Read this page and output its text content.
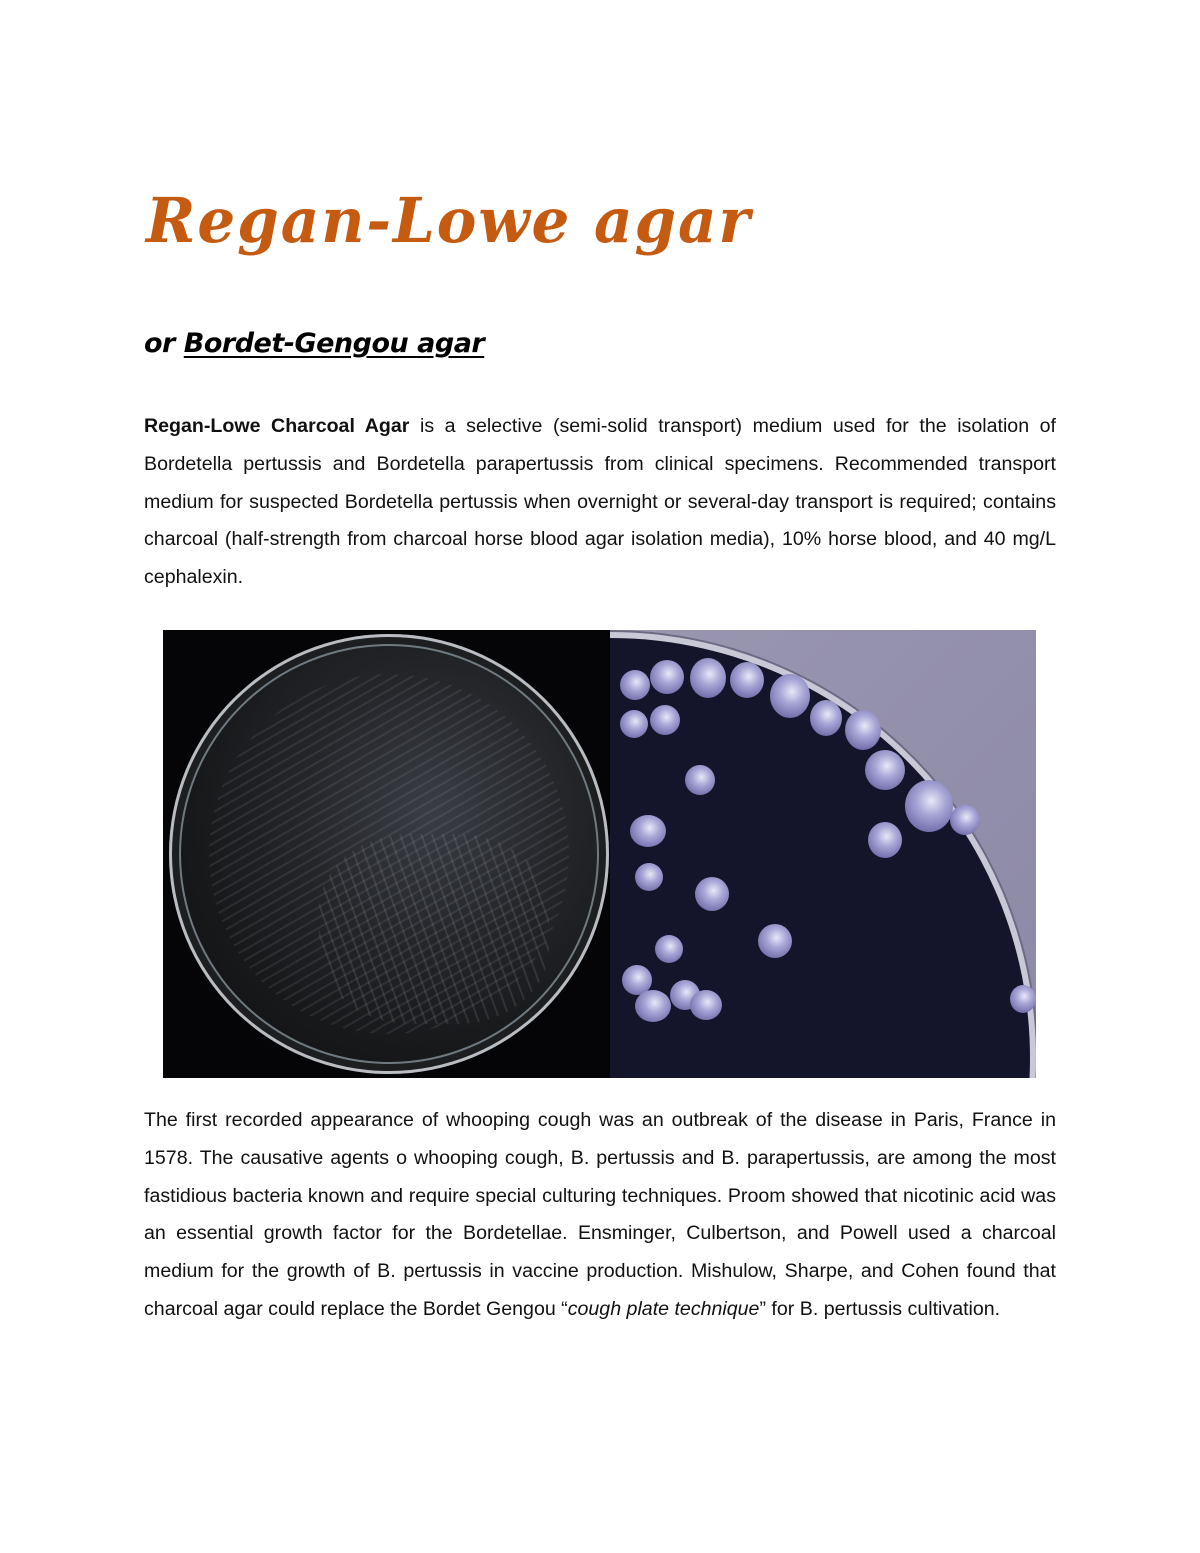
Regan-Lowe agar
or Bordet-Gengou agar

Regan-Lowe Charcoal Agar is a selective (semi-solid transport) medium used for the isolation of Bordetella pertussis and Bordetella parapertussis from clinical specimens. Recommended transport medium for suspected Bordetella pertussis when overnight or several-day transport is required; contains charcoal (half-strength from charcoal horse blood agar isolation media), 10% horse blood, and 40 mg/L cephalexin.

The first recorded appearance of whooping cough was an outbreak of the disease in Paris, France in 1578. The causative agents o whooping cough, B. pertussis and B. parapertussis, are among the most fastidious bacteria known and require special culturing techniques. Proom showed that nicotinic acid was an essential growth factor for the Bordetellae. Ensminger, Culbertson, and Powell used a charcoal medium for the growth of B. pertussis in vaccine production. Mishulow, Sharpe, and Cohen found that charcoal agar could replace the Bordet Gengou “cough plate technique” for B. pertussis cultivation.
